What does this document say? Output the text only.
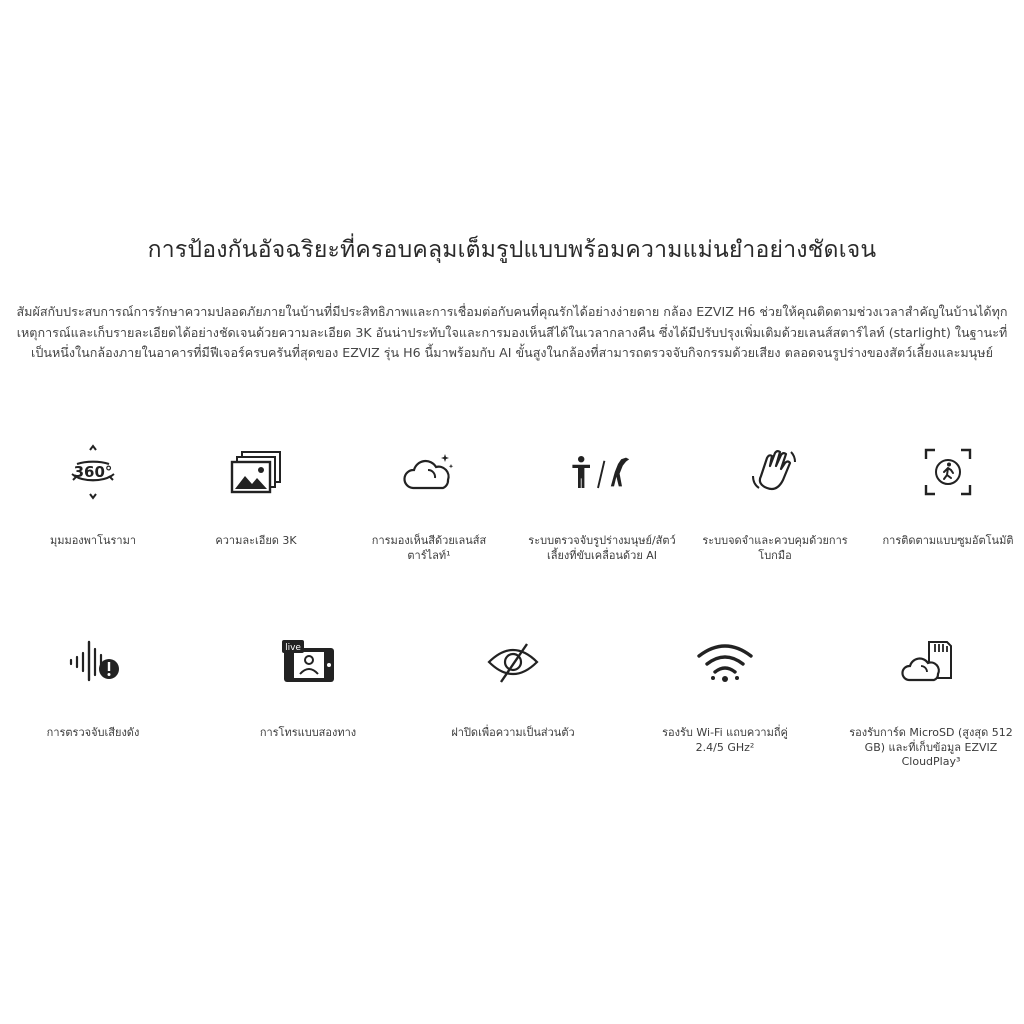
การป้องกันอัจฉริยะที่ครอบคลุมเต็มรูปแบบพร้อมความแม่นยำอย่างชัดเจน
สัมผัสกับประสบการณ์การรักษาความปลอดภัยภายในบ้านที่มีประสิทธิภาพและการเชื่อมต่อกับคนที่คุณรักได้อย่างง่ายดาย กล้อง EZVIZ H6 ช่วยให้คุณติดตามช่วงเวลาสำคัญในบ้านได้ทุกเหตุการณ์และเก็บรายละเอียดได้อย่างชัดเจนด้วยความละเอียด 3K อันน่าประทับใจและการมองเห็นสีได้ในเวลากลางคืน ซึ่งได้มีปรับปรุงเพิ่มเติมด้วยเลนส์สตาร์ไลท์ (starlight) ในฐานะที่เป็นหนึ่งในกล้องภายในอาคารที่มีฟีเจอร์ครบครันที่สุดของ EZVIZ รุ่น H6 นี้มาพร้อมกับ AI ขั้นสูงในกล้องที่สามารถตรวจจับกิจกรรมด้วยเสียง ตลอดจนรูปร่างของสัตว์เลี้ยงและมนุษย์
360°
มุมมองพาโนรามา	ความละเอียด 3K	การมองเห็นสีด้วยเลนส์สตาร์ไลท์¹
ระบบตรวจจับรูปร่างมนุษย์/สัตว์เลี้ยงที่ขับเคลื่อนด้วย AI
ระบบจดจำและควบคุมด้วยการโบกมือ
การติดตามแบบซูมอัตโนมัติ
การตรวจจับเสียงดัง
live
การโทรแบบสองทาง	ฝาปิดเพื่อความเป็นส่วนตัว	รองรับ Wi-Fi แถบความถี่คู่ 2.4/5 GHz²
รองรับการ์ด MicroSD (สูงสุด 512 GB) และที่เก็บข้อมูล EZVIZ CloudPlay³
